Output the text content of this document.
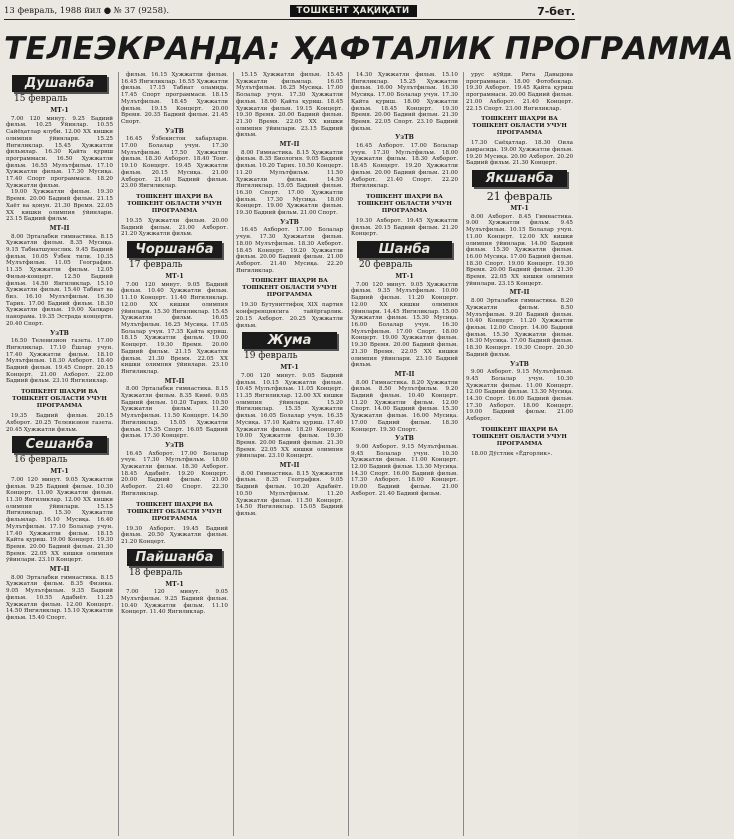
13 февраль, 1988 йил ● № 37 (9258).	ТОШКЕНТ ҲАҚИҚАТИ	7-бет.
ТЕЛЕЭКРАНДА: ҲАФТАЛИК ПРОГРАММА
Душанба
15 февраль
МТ-1

7.00 120 минут. 9.25 Бадиий фильм. 10.25 Ўйинлар. 10.55 Сайёҳатлар клуби. 12.00 ХХ кишки олимпия ўйинлари. 15.25 Янгиликлар. 15.45 Ҳужжатли фильмлар. 16.30 Қайта қуриш программаси. 16.50 Ҳужжатли фильм. 16.55 Мулътфильм. 17.10 Ҳужжатли фильм. 17.30 Мусиқа. 17.40 Спорт программаси. 18.20 Ҳужжатли фильм.

19.00 Ҳужжатли фильм. 19.30 Время. 20.00 Бадиий фильм. 21.15 Хаёт ва қонун. 21.30 Время. 22.05 ХХ кишки олимпия ўйинлари. 23.15 Бадиий фильм.

МТ-II

8.00 Эрталабки гимнастика. 8.15 Ҳужжатли фильм. 8.35 Мусиқа. 9.15 Табиатшунослик. 9.45 Бадиий фильм. 10.05 Ўзбек тили. 10.35 Мулътфильм. 11.05 География. 11.35 Ҳужжатли фильм. 12.05 Фильм-концерт. 12.50 Бадиий фильм. 14.50 Янгиликлар. 15.10 Ҳужжатли фильм. 15.40 Табиат ва биз. 16.10 Мулътфильм. 16.30 Тарих. 17.00 Бадиий фильм. 18.30 Ҳужжатли фильм. 19.00 Халқаро панорама. 19.35 Эстрада концерти. 20.40 Спорт.

УзТВ

16.50 Телевизион газета. 17.00 Янгиликлар. 17.10 Ёшлар учун. 17.40 Ҳужжатли фильм. 18.10 Мулътфильм. 18.30 Ахборот. 18.40 Бадиий фильм. 19.45 Спорт. 20.15 Концерт. 21.00 Ахборот. 22.00 Бадиий фильм. 23.10 Янгиликлар.

ТОШКЕНТ ШАҲРИ ВА ТОШКЕНТ ОБЛАСТИ УЧУН ПРОГРАММА

19.35 Бадиий фильм. 20.15 Ахборот. 20.25 Телевизион газета. 20.45 Ҳужжатли фильм.

Сешанба
16 февраль
МТ-1

7.00 120 минут. 9.05 Ҳужжатли фильм. 9.25 Бадиий фильм. 10.30 Концерт. 11.00 Ҳужжатли фильм. 11.30 Янгиликлар. 12.00 ХХ кишки олимпия ўйинлари. 15.15 Янгиликлар. 15.30 Ҳужжатли фильмлар. 16.10 Мусиқа. 16.40 Мулътфильм. 17.10 Болалар учун. 17.40 Ҳужжатли фильм. 18.15 Қайта қуриш. 19.00 Концерт. 19.30 Время. 20.00 Бадиий фильм. 21.30 Время. 22.05 ХХ кишки олимпия ўйинлари. 23.10 Концерт.

МТ-II

8.00 Эрталабки гимнастика. 8.15 Ҳужжатли фильм. 8.35 Физика. 9.05 Мулътфильм. 9.35 Бадиий фильм. 10.55 Адабиёт. 11.25 Ҳужжатли фильм. 12.00 Концерт. 14.50 Янгиликлар. 15.10 Ҳужжатли фильм. 15.40 Спорт.

фильм. 16.15 Ҳужжатли фильм. 16.45 Янгиликлар. 16.55 Ҳужжатли фильм. 17.15 Табиат оламида. 17.45 Спорт программаси. 18.15 Мулътфильм. 18.45 Ҳужжатли фильм. 19.15 Концерт. 20.00 Время. 20.35 Бадиий фильм. 21.45 Спорт.

УзТВ

16.45 Ўзбекистон хабарлари. 17.00 Болалар учун. 17.30 Мулътфильм. 17.50 Ҳужжатли фильм. 18.30 Ахборот. 18.40 Тонг. 19.10 Концерт. 19.45 Ҳужжатли фильм. 20.15 Мусиқа. 21.00 Ахборот. 21.40 Бадиий фильм. 23.00 Янгиликлар.

ТОШКЕНТ ШАҲРИ ВА ТОШКЕНТ ОБЛАСТИ УЧУН ПРОГРАММА

19.35 Ҳужжатли фильм. 20.00 Бадиий фильм. 21.00 Ахборот. 21.20 Ҳужжатли фильм.

Чоршанба
17 февраль
МТ-1

7.00 120 минут. 9.05 Бадиий фильм. 10.40 Ҳужжатли фильм. 11.10 Концерт. 11.40 Янгиликлар. 12.00 ХХ кишки олимпия ўйинлари. 15.30 Янгиликлар. 15.45 Ҳужжатли фильм. 16.05 Мулътфильм. 16.25 Мусиқа. 17.05 Болалар учун. 17.35 Қайта қуриш. 18.15 Ҳужжатли фильм. 19.00 Концерт. 19.30 Время. 20.00 Бадиий фильм. 21.15 Ҳужжатли фильм. 21.30 Время. 22.05 ХХ кишки олимпия ўйинлари. 23.10 Янгиликлар.

МТ-II

8.00 Эрталабки гимнастика. 8.15 Ҳужжатли фильм. 8.35 Кимё. 9.05 Бадиий фильм. 10.20 Тарих. 10.50 Ҳужжатли фильм. 11.20 Мулътфильм. 11.50 Концерт. 14.50 Янгиликлар. 15.05 Ҳужжатли фильм. 15.35 Спорт. 16.05 Бадиий фильм. 17.30 Концерт.

УзТВ

16.45 Ахборот. 17.00 Болалар учун. 17.30 Мулътфильм. 18.00 Ҳужжатли фильм. 18.30 Ахборот. 18.45 Адабиёт. 19.20 Концерт. 20.00 Бадиий фильм. 21.00 Ахборот. 21.40 Спорт. 22.30 Янгиликлар.

ТОШКЕНТ ШАҲРИ ВА ТОШКЕНТ ОБЛАСТИ УЧУН ПРОГРАММА

19.30 Ахборот. 19.45 Бадиий фильм. 20.50 Ҳужжатли фильм. 21.20 Концерт.

Пайшанба
18 февраль
МТ-1

7.00 120 минут. 9.05 Мулътфильм. 9.25 Бадиий фильм. 10.40 Ҳужжатли фильм. 11.10 Концерт. 11.40 Янгиликлар.

15.15 Ҳужжатли фильм. 15.45 Ҳужжатли фильмлар. 16.05 Мулътфильм. 16.25 Мусиқа. 17.00 Болалар учун. 17.30 Ҳужжатли фильм. 18.00 Қайта қуриш. 18.45 Ҳужжатли фильм. 19.15 Концерт. 19.30 Время. 20.00 Бадиий фильм. 21.30 Время. 22.05 ХХ кишки олимпия ўйинлари. 23.15 Бадиий фильм.

МТ-II

8.00 Гимнастика. 8.15 Ҳужжатли фильм. 8.35 Биология. 9.05 Бадиий фильм. 10.20 Тарих. 10.50 Концерт. 11.20 Мулътфильм. 11.50 Ҳужжатли фильм. 14.50 Янгиликлар. 15.05 Бадиий фильм. 16.30 Спорт. 17.00 Ҳужжатли фильм. 17.30 Мусиқа. 18.00 Концерт. 19.00 Ҳужжатли фильм. 19.30 Бадиий фильм. 21.00 Спорт.

УзТВ

16.45 Ахборот. 17.00 Болалар учун. 17.30 Ҳужжатли фильм. 18.00 Мулътфильм. 18.30 Ахборот. 18.45 Концерт. 19.20 Ҳужжатли фильм. 20.00 Бадиий фильм. 21.00 Ахборот. 21.40 Мусиқа. 22.20 Янгиликлар.

ТОШКЕНТ ШАҲРИ ВА ТОШКЕНТ ОБЛАСТИ УЧУН ПРОГРАММА

19.30 Бутуниттифоқ ХІХ партия конференциясига тайёргарлик. 20.15 Ахборот. 20.25 Ҳужжатли фильм.

Жума
19 февраль
МТ-1

7.00 120 минут. 9.05 Бадиий фильм. 10.15 Ҳужжатли фильм. 10.45 Мулътфильм. 11.05 Концерт. 11.35 Янгиликлар. 12.00 ХХ кишки олимпия ўйинлари. 15.20 Янгиликлар. 15.35 Ҳужжатли фильм. 16.05 Болалар учун. 16.35 Мусиқа. 17.10 Қайта қуриш. 17.40 Ҳужжатли фильм. 18.20 Концерт. 19.00 Ҳужжатли фильм. 19.30 Время. 20.00 Бадиий фильм. 21.30 Время. 22.05 ХХ кишки олимпия ўйинлари. 23.10 Концерт.

МТ-II

8.00 Гимнастика. 8.15 Ҳужжатли фильм. 8.35 География. 9.05 Бадиий фильм. 10.20 Адабиёт. 10.50 Мулътфильм. 11.20 Ҳужжатли фильм. 11.50 Концерт. 14.50 Янгиликлар. 15.05 Бадиий фильм.

14.30 Ҳужжатли фильм. 15.10 Янгиликлар. 15.25 Ҳужжатли фильм. 16.00 Мулътфильм. 16.30 Мусиқа. 17.00 Болалар учун. 17.30 Қайта қуриш. 18.00 Ҳужжатли фильм. 18.45 Концерт. 19.30 Время. 20.00 Бадиий фильм. 21.30 Время. 22.05 Спорт. 23.10 Бадиий фильм.

УзТВ

16.45 Ахборот. 17.00 Болалар учун. 17.30 Мулътфильм. 18.00 Ҳужжатли фильм. 18.30 Ахборот. 18.45 Концерт. 19.20 Ҳужжатли фильм. 20.00 Бадиий фильм. 21.00 Ахборот. 21.40 Спорт. 22.20 Янгиликлар.

ТОШКЕНТ ШАҲРИ ВА ТОШКЕНТ ОБЛАСТИ УЧУН ПРОГРАММА

19.30 Ахборот. 19.45 Ҳужжатли фильм. 20.15 Бадиий фильм. 21.20 Концерт.

Шанба
20 февраль
МТ-1

7.00 120 минут. 9.05 Ҳужжатли фильм. 9.35 Мулътфильм. 10.00 Бадиий фильм. 11.20 Концерт. 12.00 ХХ кишки олимпия ўйинлари. 14.45 Янгиликлар. 15.00 Ҳужжатли фильм. 15.30 Мусиқа. 16.00 Болалар учун. 16.30 Мулътфильм. 17.00 Спорт. 18.00 Концерт. 19.00 Ҳужжатли фильм. 19.30 Время. 20.00 Бадиий фильм. 21.30 Время. 22.05 ХХ кишки олимпия ўйинлари. 23.10 Бадиий фильм.

МТ-II

8.00 Гимнастика. 8.20 Ҳужжатли фильм. 8.50 Мулътфильм. 9.20 Бадиий фильм. 10.40 Концерт. 11.20 Ҳужжатли фильм. 12.00 Спорт. 14.00 Бадиий фильм. 15.30 Ҳужжатли фильм. 16.00 Мусиқа. 17.00 Бадиий фильм. 18.30 Концерт. 19.30 Спорт.

УзТВ

9.00 Ахборот. 9.15 Мулътфильм. 9.45 Болалар учун. 10.30 Ҳужжатли фильм. 11.00 Концерт. 12.00 Бадиий фильм. 13.30 Мусиқа. 14.30 Спорт. 16.00 Бадиий фильм. 17.30 Ахборот. 18.00 Концерт. 19.00 Бадиий фильм. 21.00 Ахборот. 21.40 Бадиий фильм.

урус кўйди. Рита Давыдова программаси. 18.00 Фотобоклар. 19.30 Ахборот. 19.45 Қайта қуриш программаси. 20.00 Бадиий фильм. 21.00 Ахборот. 21.40 Концерт. 22.15 Спорт. 23.00 Янгиликлар.

ТОШКЕНТ ШАҲРИ ВА ТОШКЕНТ ОБЛАСТИ УЧУН ПРОГРАММА

17.30 Саёҳатлар. 18.30 Оила даврасида. 19.00 Ҳужжатли фильм. 19.20 Мусиқа. 20.00 Ахборот. 20.20 Бадиий фильм. 21.30 Концерт.

Якшанба
21 февраль
МТ-1

8.00 Ахборот. 8.45 Гимнастика. 9.00 Ҳужжатли фильм. 9.45 Мулътфильм. 10.15 Болалар учун. 11.00 Концерт. 12.00 ХХ кишки олимпия ўйинлари. 14.00 Бадиий фильм. 15.30 Ҳужжатли фильм. 16.00 Мусиқа. 17.00 Бадиий фильм. 18.30 Спорт. 19.00 Концерт. 19.30 Время. 20.00 Бадиий фильм. 21.30 Время. 22.05 ХХ кишки олимпия ўйинлари. 23.15 Концерт.

МТ-II

8.00 Эрталабки гимнастика. 8.20 Ҳужжатли фильм. 8.50 Мулътфильм. 9.20 Бадиий фильм. 10.40 Концерт. 11.20 Ҳужжатли фильм. 12.00 Спорт. 14.00 Бадиий фильм. 15.30 Ҳужжатли фильм. 16.30 Мусиқа. 17.00 Бадиий фильм. 18.30 Концерт. 19.30 Спорт. 20.30 Бадиий фильм.

УзТВ

9.00 Ахборот. 9.15 Мулътфильм. 9.45 Болалар учун. 10.30 Ҳужжатли фильм. 11.00 Концерт. 12.00 Бадиий фильм. 13.30 Мусиқа. 14.30 Спорт. 16.00 Бадиий фильм. 17.30 Ахборот. 18.00 Концерт. 19.00 Бадиий фильм. 21.00 Ахборот.

ТОШКЕНТ ШАҲРИ ВА ТОШКЕНТ ОБЛАСТИ УЧУН ПРОГРАММА

18.00 Дўстлик «Ёдгорлик».
